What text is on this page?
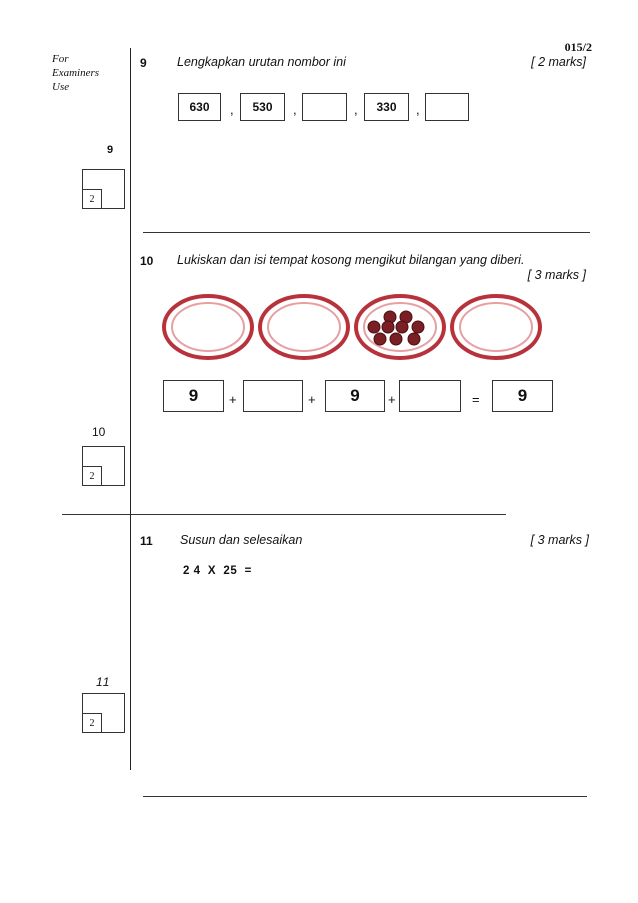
015/2
For
Examiners
Use
9 Lengkapkan urutan nombor ini	[ 2 marks]
630	,	530	,	,	330	,
9
2
10 Lukiskan dan isi tempat kosong mengikut bilangan yang diberi.
[ 3 marks ]
9	+	+	9	+	=	9
10
2
11 Susun dan selesaikan	[ 3 marks ]
2 4  X  25  =
11
2
